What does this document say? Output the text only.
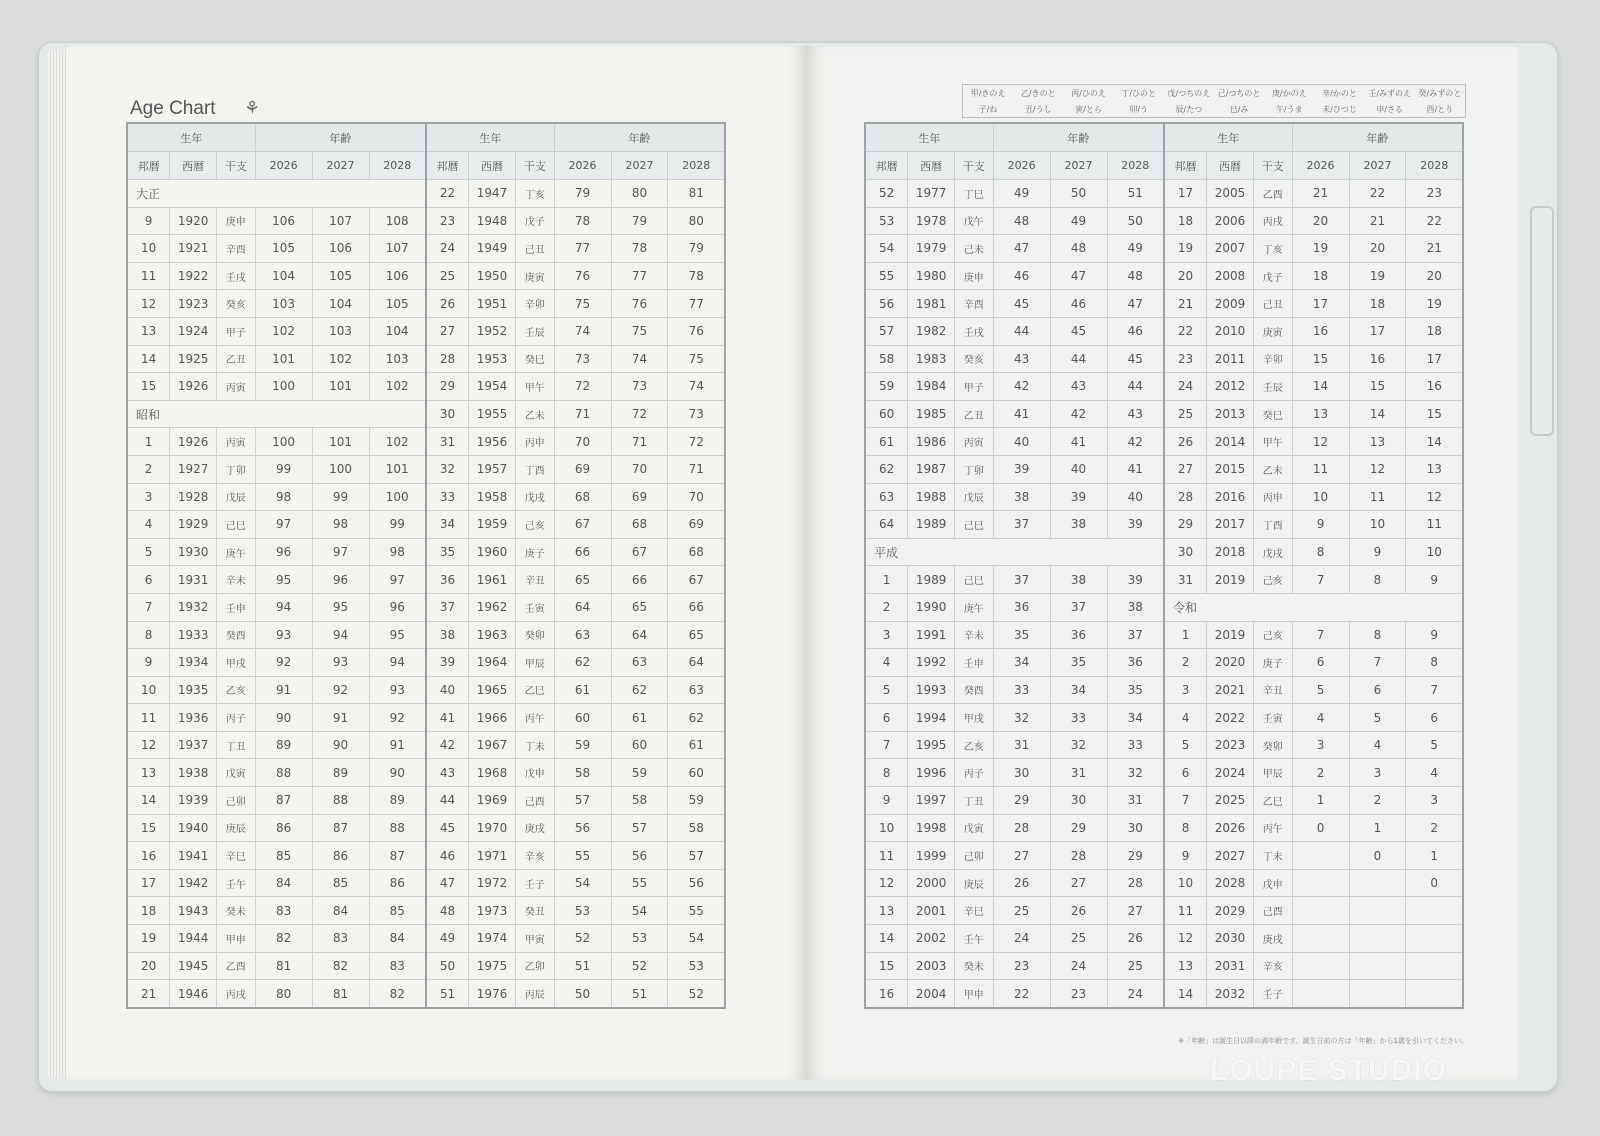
Age Chart ⚘
甲/きのえ 乙/きのと 丙/ひのえ 丁/ひのと 戊/つちのえ 己/つちのと 庚/かのえ 辛/かのと 壬/みずのえ 癸/みずのと
子/ね	丑/うし	寅/とら	卯/う	辰/たつ	巳/み	午/うま 未/ひつじ 申/さる	酉/とり
生年			年齢			生年			年齢		
邦暦	西暦	干支	2026	2027	2028	邦暦	西暦	干支	2026	2027	2028
大正						22	1947	丁亥	79	80	81
9	1920	庚申	106	107	108	23	1948	戊子	78	79	80
10	1921	辛酉	105	106	107	24	1949	己丑	77	78	79
11	1922	壬戌	104	105	106	25	1950	庚寅	76	77	78
12	1923	癸亥	103	104	105	26	1951	辛卯	75	76	77
13	1924	甲子	102	103	104	27	1952	壬辰	74	75	76
14	1925	乙丑	101	102	103	28	1953	癸巳	73	74	75
15	1926	丙寅	100	101	102	29	1954	甲午	72	73	74
昭和						30	1955	乙未	71	72	73
1	1926	丙寅	100	101	102	31	1956	丙申	70	71	72
2	1927	丁卯	99	100	101	32	1957	丁酉	69	70	71
3	1928	戊辰	98	99	100	33	1958	戊戌	68	69	70
4	1929	己巳	97	98	99	34	1959	己亥	67	68	69
5	1930	庚午	96	97	98	35	1960	庚子	66	67	68
6	1931	辛未	95	96	97	36	1961	辛丑	65	66	67
7	1932	壬申	94	95	96	37	1962	壬寅	64	65	66
8	1933	癸酉	93	94	95	38	1963	癸卯	63	64	65
9	1934	甲戌	92	93	94	39	1964	甲辰	62	63	64
10	1935	乙亥	91	92	93	40	1965	乙巳	61	62	63
11	1936	丙子	90	91	92	41	1966	丙午	60	61	62
12	1937	丁丑	89	90	91	42	1967	丁未	59	60	61
13	1938	戊寅	88	89	90	43	1968	戊申	58	59	60
14	1939	己卯	87	88	89	44	1969	己酉	57	58	59
15	1940	庚辰	86	87	88	45	1970	庚戌	56	57	58
16	1941	辛巳	85	86	87	46	1971	辛亥	55	56	57
17	1942	壬午	84	85	86	47	1972	壬子	54	55	56
18	1943	癸未	83	84	85	48	1973	癸丑	53	54	55
19	1944	甲申	82	83	84	49	1974	甲寅	52	53	54
20	1945	乙酉	81	82	83	50	1975	乙卯	51	52	53
21	1946	丙戌	80	81	82	51	1976	丙辰	50	51	52
生年			年齢			生年			年齢		
邦暦	西暦	干支	2026	2027	2028	邦暦	西暦	干支	2026	2027	2028
52	1977	丁巳	49	50	51	17	2005	乙酉	21	22	23
53	1978	戊午	48	49	50	18	2006	丙戌	20	21	22
54	1979	己未	47	48	49	19	2007	丁亥	19	20	21
55	1980	庚申	46	47	48	20	2008	戊子	18	19	20
56	1981	辛酉	45	46	47	21	2009	己丑	17	18	19
57	1982	壬戌	44	45	46	22	2010	庚寅	16	17	18
58	1983	癸亥	43	44	45	23	2011	辛卯	15	16	17
59	1984	甲子	42	43	44	24	2012	壬辰	14	15	16
60	1985	乙丑	41	42	43	25	2013	癸巳	13	14	15
61	1986	丙寅	40	41	42	26	2014	甲午	12	13	14
62	1987	丁卯	39	40	41	27	2015	乙未	11	12	13
63	1988	戊辰	38	39	40	28	2016	丙申	10	11	12
64	1989	己巳	37	38	39	29	2017	丁酉	9	10	11
平成						30	2018	戊戌	8	9	10
1	1989	己巳	37	38	39	31	2019	己亥	7	8	9
2	1990	庚午	36	37	38	令和					
3	1991	辛未	35	36	37	1	2019	己亥	7	8	9
4	1992	壬申	34	35	36	2	2020	庚子	6	7	8
5	1993	癸酉	33	34	35	3	2021	辛丑	5	6	7
6	1994	甲戌	32	33	34	4	2022	壬寅	4	5	6
7	1995	乙亥	31	32	33	5	2023	癸卯	3	4	5
8	1996	丙子	30	31	32	6	2024	甲辰	2	3	4
9	1997	丁丑	29	30	31	7	2025	乙巳	1	2	3
10	1998	戊寅	28	29	30	8	2026	丙午	0	1	2
11	1999	己卯	27	28	29	9	2027	丁未		0	1
12	2000	庚辰	26	27	28	10	2028	戊申			0
13	2001	辛巳	25	26	27	11	2029	己酉			
14	2002	壬午	24	25	26	12	2030	庚戌			
15	2003	癸未	23	24	25	13	2031	辛亥			
16	2004	甲申	22	23	24	14	2032	壬子			
※「年齢」は誕生日以降の満年齢です。誕生日前の方は「年齢」から1歳を引いてください。
LOUPE STUDIO
